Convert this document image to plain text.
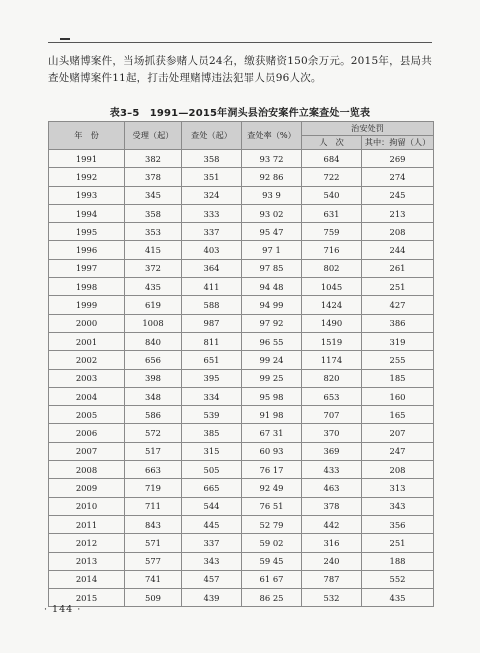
山头赌博案件，当场抓获参赌人员24名，缴获赌资150余万元。2015年，县局共查处赌博案件11起，打击处理赌博违法犯罪人员96人次。

表3–5　1991—2015年洞头县治安案件立案查处一览表
年　份	受理（起）	查处（起）	查处率（%）	治安处罚	
				人　次	其中：拘留（人）
1991	382	358	93 72	684	269
1992	378	351	92 86	722	274
1993	345	324	93 9	540	245
1994	358	333	93 02	631	213
1995	353	337	95 47	759	208
1996	415	403	97 1	716	244
1997	372	364	97 85	802	261
1998	435	411	94 48	1045	251
1999	619	588	94 99	1424	427
2000	1008	987	97 92	1490	386
2001	840	811	96 55	1519	319
2002	656	651	99 24	1174	255
2003	398	395	99 25	820	185
2004	348	334	95 98	653	160
2005	586	539	91 98	707	165
2006	572	385	67 31	370	207
2007	517	315	60 93	369	247
2008	663	505	76 17	433	208
2009	719	665	92 49	463	313
2010	711	544	76 51	378	343
2011	843	445	52 79	442	356
2012	571	337	59 02	316	251
2013	577	343	59 45	240	188
2014	741	457	61 67	787	552
2015	509	439	86 25	532	435
· 144 ·
